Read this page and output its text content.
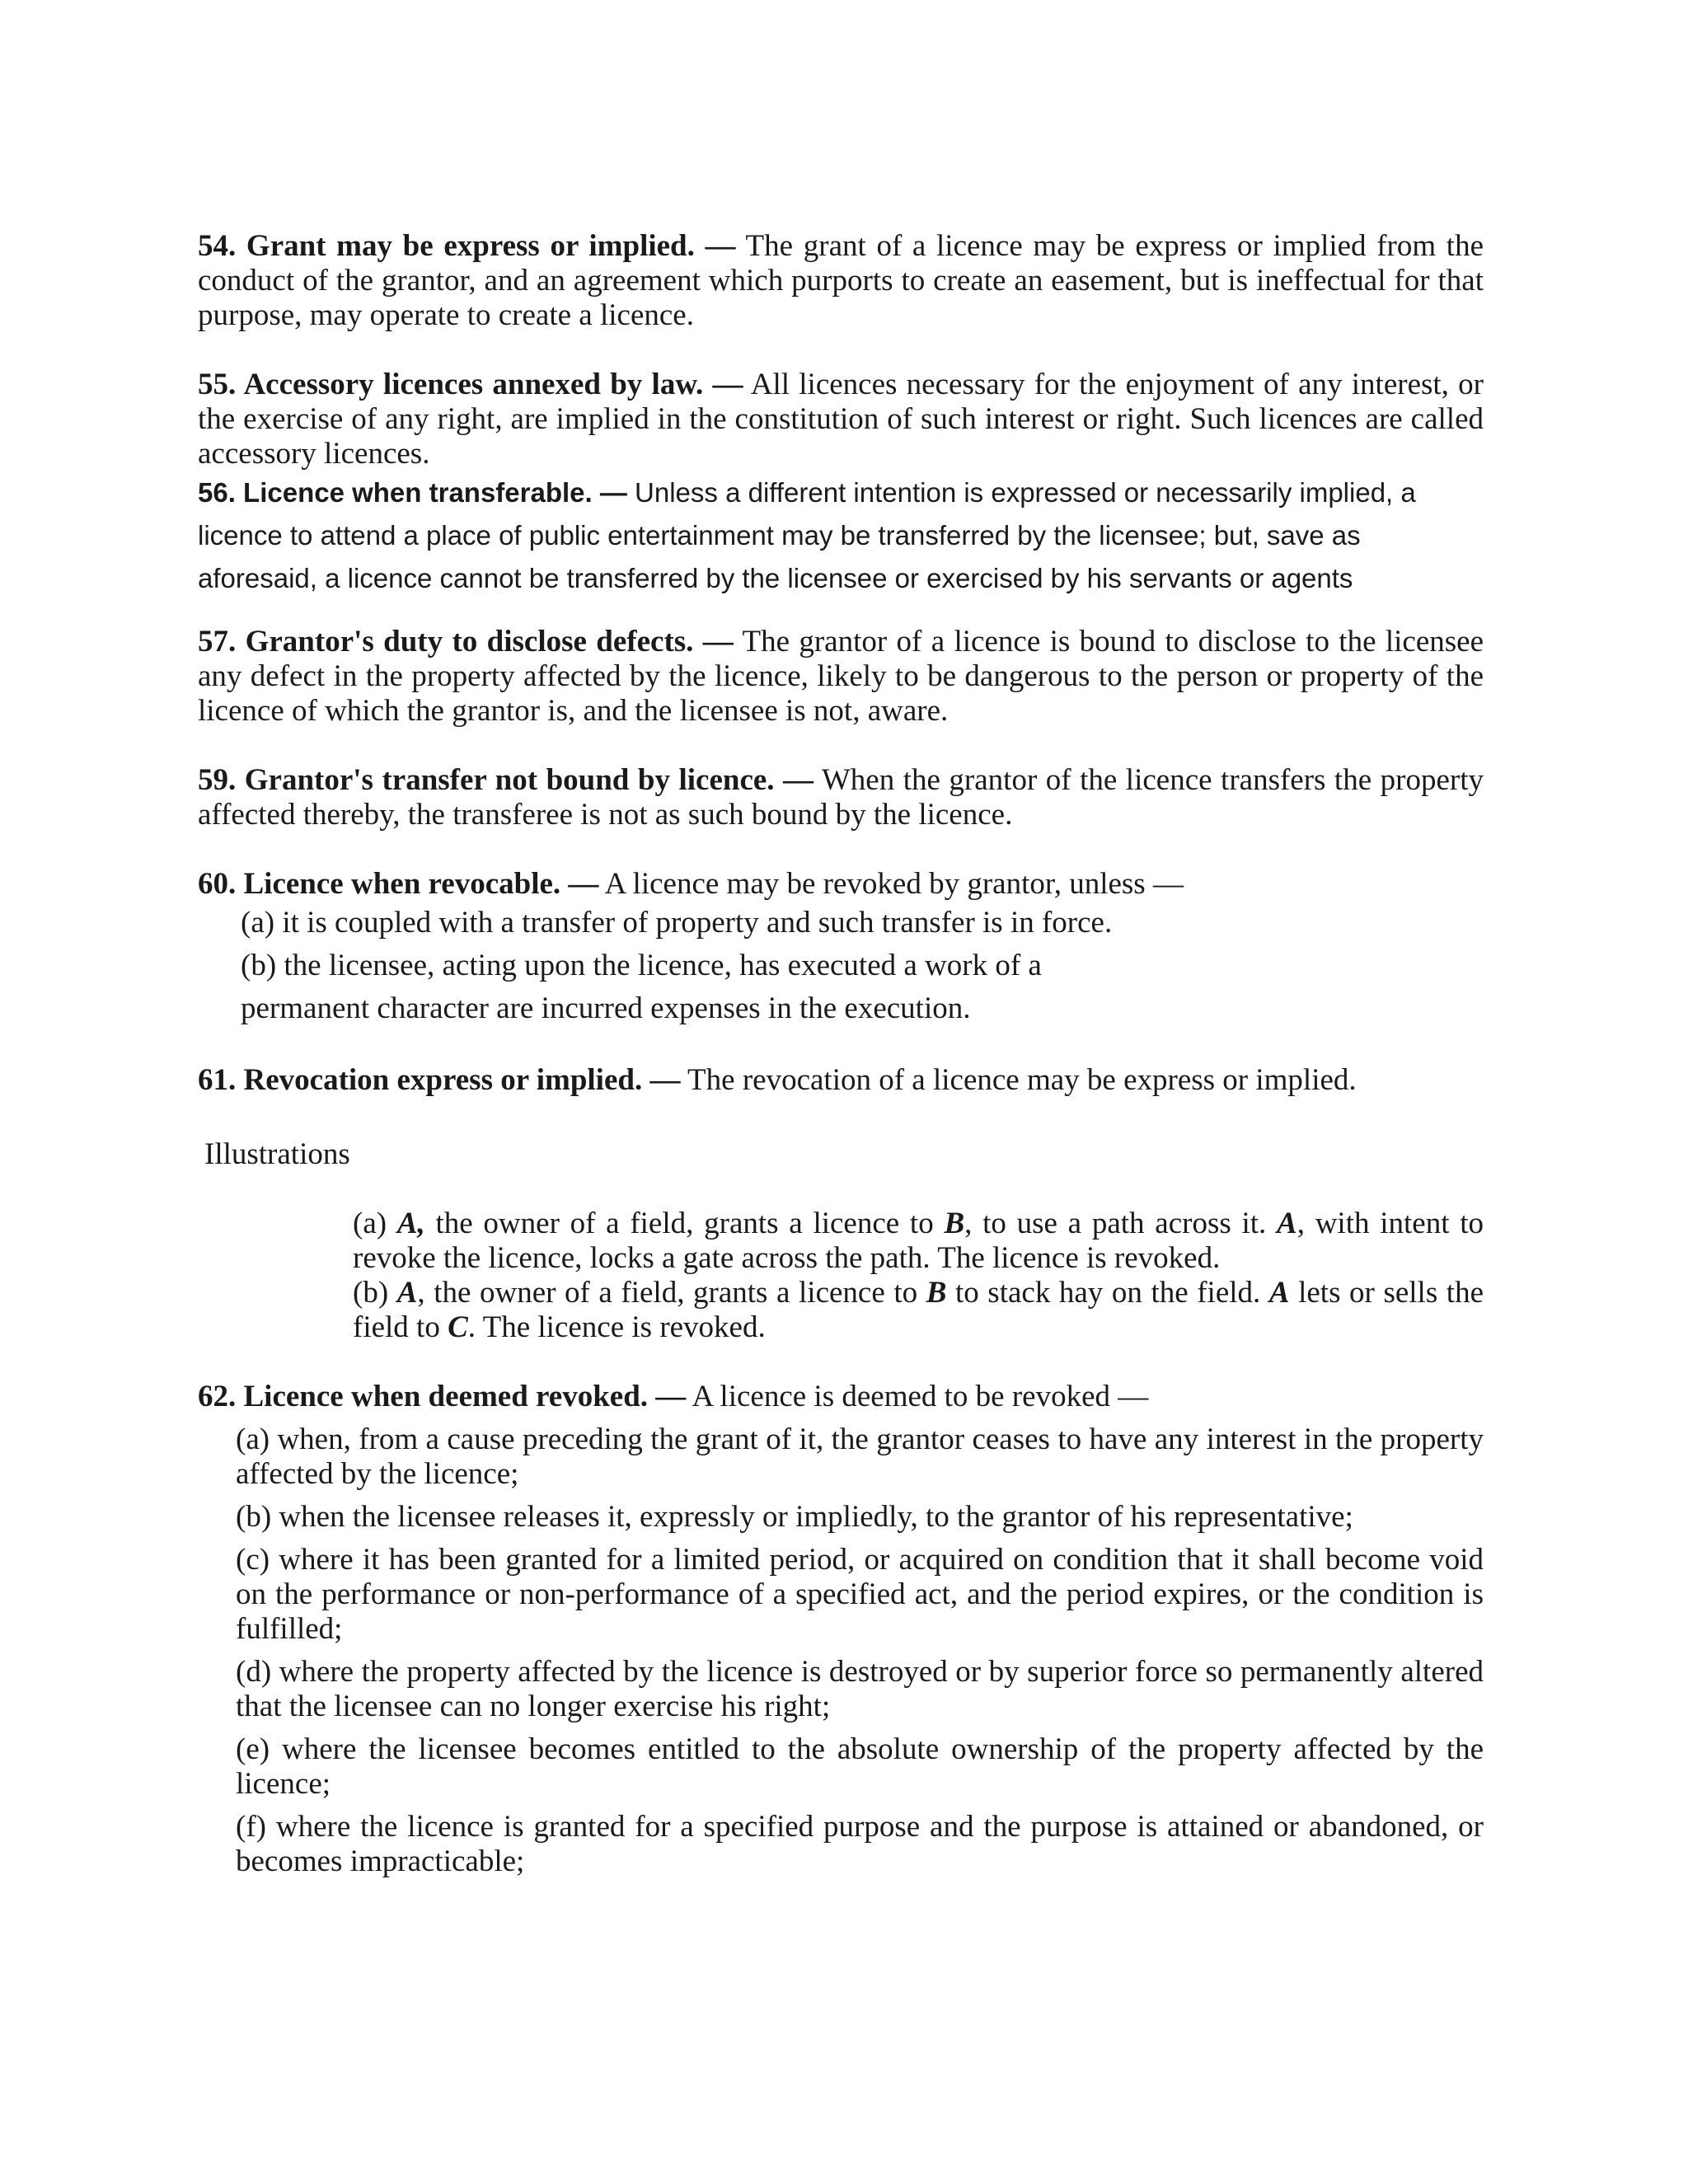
54. Grant may be express or implied. — The grant of a licence may be express or implied from the conduct of the grantor, and an agreement which purports to create an easement, but is ineffectual for that purpose, may operate to create a licence.

55. Accessory licences annexed by law. — All licences necessary for the enjoyment of any interest, or the exercise of any right, are implied in the constitution of such interest or right. Such licences are called accessory licences.

56. Licence when transferable. — Unless a different intention is expressed or necessarily implied, a licence to attend a place of public entertainment may be transferred by the licensee; but, save as aforesaid, a licence cannot be transferred by the licensee or exercised by his servants or agents

57. Grantor's duty to disclose defects. — The grantor of a licence is bound to disclose to the licensee any defect in the property affected by the licence, likely to be dangerous to the person or property of the licence of which the grantor is, and the licensee is not, aware.

59. Grantor's transfer not bound by licence. — When the grantor of the licence transfers the property affected thereby, the transferee is not as such bound by the licence.

60. Licence when revocable. — A licence may be revoked by grantor, unless —

(a) it is coupled with a transfer of property and such transfer is in force.

(b) the licensee, acting upon the licence, has executed a work of a

permanent character are incurred expenses in the execution.

61. Revocation express or implied. — The revocation of a licence may be express or implied.

Illustrations

(a) A, the owner of a field, grants a licence to B, to use a path across it. A, with intent to revoke the licence, locks a gate across the path. The licence is revoked.

(b) A, the owner of a field, grants a licence to B to stack hay on the field. A lets or sells the field to C. The licence is revoked.

62. Licence when deemed revoked. — A licence is deemed to be revoked —

(a) when, from a cause preceding the grant of it, the grantor ceases to have any interest in the property affected by the licence;

(b) when the licensee releases it, expressly or impliedly, to the grantor of his representative;

(c) where it has been granted for a limited period, or acquired on condition that it shall become void on the performance or non-performance of a specified act, and the period expires, or the condition is fulfilled;

(d) where the property affected by the licence is destroyed or by superior force so permanently altered that the licensee can no longer exercise his right;

(e) where the licensee becomes entitled to the absolute ownership of the property affected by the licence;

(f) where the licence is granted for a specified purpose and the purpose is attained or abandoned, or becomes impracticable;
